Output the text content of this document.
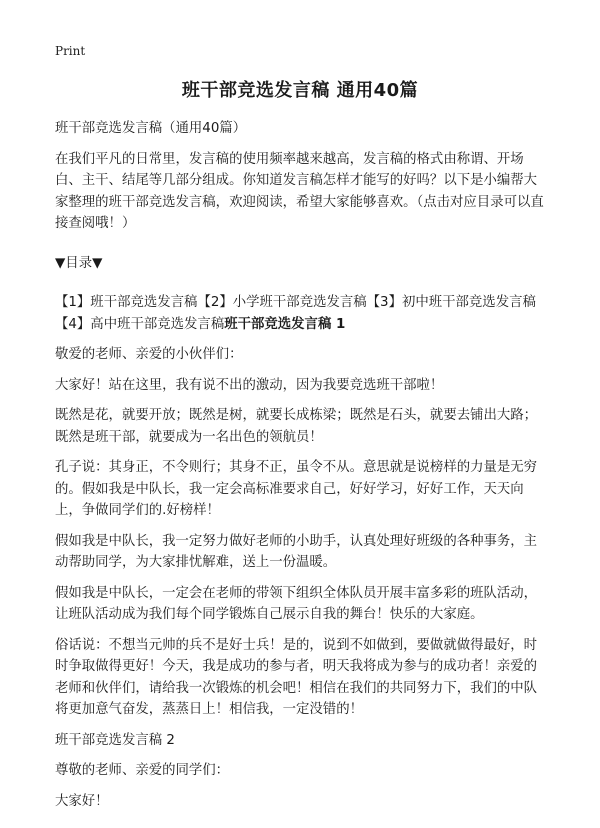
Print
班干部竞选发言稿 通用40篇

班干部竞选发言稿（通用40篇）

在我们平凡的日常里，发言稿的使用频率越来越高，发言稿的格式由称谓、开场白、主干、结尾等几部分组成。你知道发言稿怎样才能写的好吗？以下是小编帮大家整理的班干部竞选发言稿，欢迎阅读，希望大家能够喜欢。（点击对应目录可以直接查阅哦！）

▼目录▼

【1】班干部竞选发言稿【2】小学班干部竞选发言稿【3】初中班干部竞选发言稿【4】高中班干部竞选发言稿班干部竞选发言稿 1

敬爱的老师、亲爱的小伙伴们：

大家好！站在这里，我有说不出的激动，因为我要竞选班干部啦！

既然是花，就要开放；既然是树，就要长成栋梁；既然是石头，就要去铺出大路；既然是班干部，就要成为一名出色的领航员！

孔子说：其身正，不令则行；其身不正，虽令不从。意思就是说榜样的力量是无穷的。假如我是中队长，我一定会高标准要求自己，好好学习，好好工作，天天向上，争做同学们的.好榜样！

假如我是中队长，我一定努力做好老师的小助手，认真处理好班级的各种事务，主动帮助同学，为大家排忧解难，送上一份温暖。

假如我是中队长，一定会在老师的带领下组织全体队员开展丰富多彩的班队活动，让班队活动成为我们每个同学锻炼自己展示自我的舞台！快乐的大家庭。

俗话说：不想当元帅的兵不是好士兵！是的，说到不如做到，要做就做得最好，时时争取做得更好！今天，我是成功的参与者，明天我将成为参与的成功者！亲爱的老师和伙伴们，请给我一次锻炼的机会吧！相信在我们的共同努力下，我们的中队将更加意气奋发，蒸蒸日上！相信我，一定没错的！

班干部竞选发言稿 2

尊敬的老师、亲爱的同学们：

大家好！
